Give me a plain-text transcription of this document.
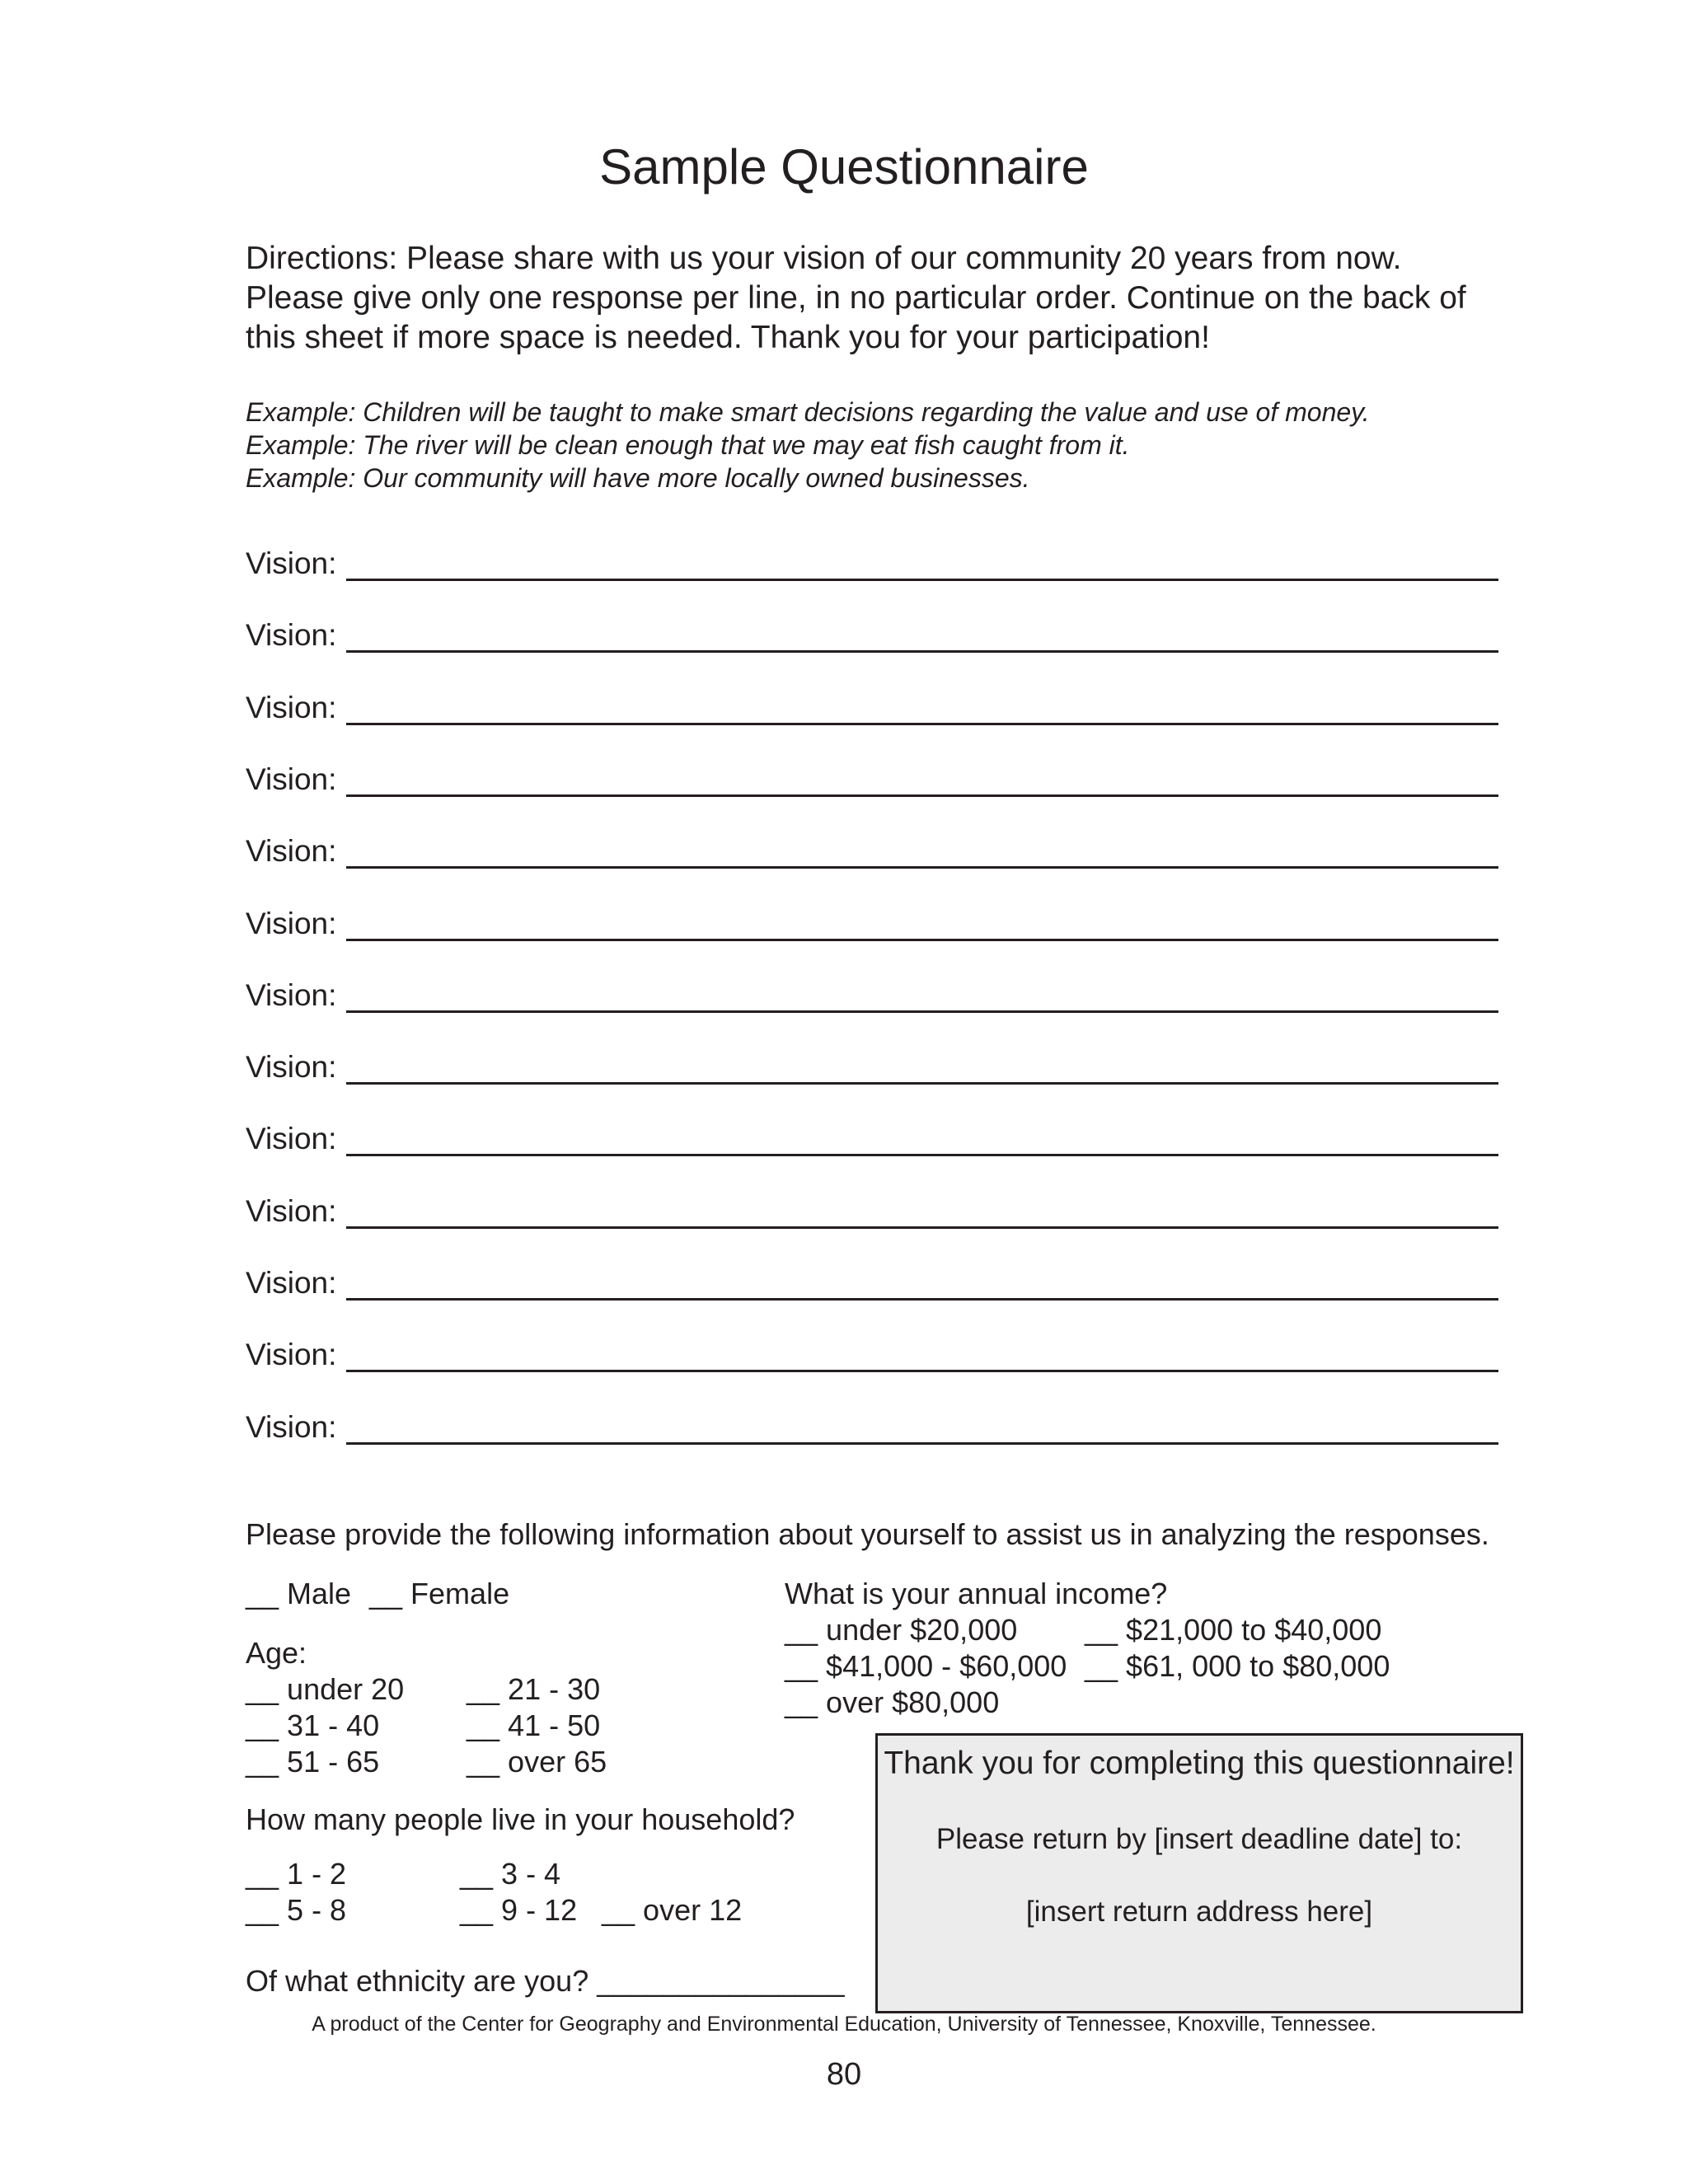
Sample Questionnaire
Directions: Please share with us your vision of our community 20 years from now.
Please give only one response per line, in no particular order. Continue on the back of
this sheet if more space is needed. Thank you for your participation!
Example: Children will be taught to make smart decisions regarding the value and use of money.
Example: The river will be clean enough that we may eat fish caught from it.
Example: Our community will have more locally owned businesses.
Vision:
Vision:
Vision:
Vision:
Vision:
Vision:
Vision:
Vision:
Vision:
Vision:
Vision:
Vision:
Vision:
Please provide the following information about yourself to assist us in analyzing the responses.
__ Male __ Female
Age:
__ under 20 __ 21 - 30
__ 31 - 40	__ 41 - 50
__ 51 - 65	__ over 65
What is your annual income?
__ under $20,000 __ $21,000 to $40,000
__ $41,000 - $60,000 __ $61, 000 to $80,000
__ over $80,000
How many people live in your household?
__ 1 - 2	__ 3 - 4
__ 5 - 8	__ 9 - 12 __ over 12
Of what ethnicity are you? _______________
Thank you for completing this questionnaire!
Please return by [insert deadline date] to:
[insert return address here]
A product of the Center for Geography and Environmental Education, University of Tennessee, Knoxville, Tennessee.
80
